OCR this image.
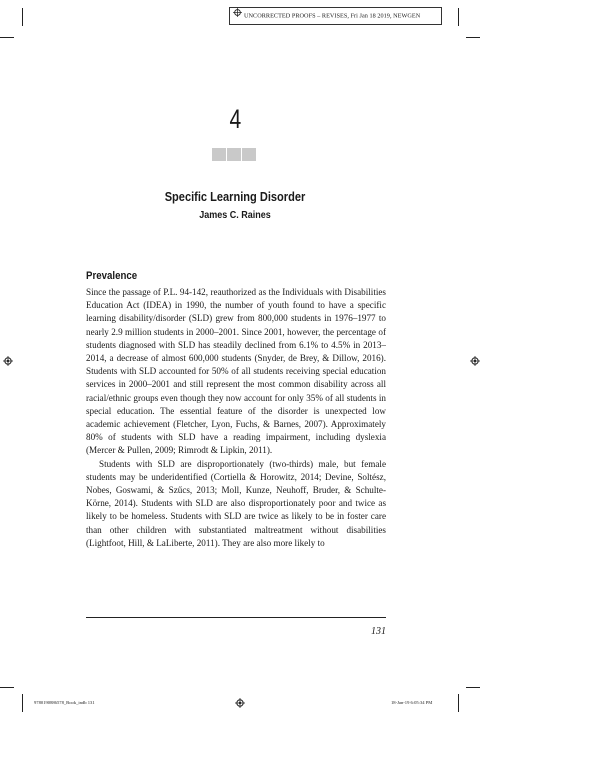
UNCORRECTED PROOFS – REVISES, Fri Jan 18 2019, NEWGEN
4
Specific Learning Disorder
James C. Raines
Prevalence

Since the passage of P.L. 94-142, reauthorized as the Individuals with Disabilities Education Act (IDEA) in 1990, the number of youth found to have a specific learning disability/disorder (SLD) grew from 800,000 students in 1976–1977 to nearly 2.9 million students in 2000–2001. Since 2001, however, the percentage of students diagnosed with SLD has steadily declined from 6.1% to 4.5% in 2013–2014, a decrease of almost 600,000 students (Snyder, de Brey, & Dillow, 2016). Students with SLD accounted for 50% of all students receiving special education services in 2000–2001 and still represent the most common disability across all racial/ethnic groups even though they now account for only 35% of all students in special education. The essential feature of the disorder is unexpected low academic achievement (Fletcher, Lyon, Fuchs, & Barnes, 2007). Approximately 80% of students with SLD have a reading impairment, including dyslexia (Mercer & Pullen, 2009; Rimrodt & Lipkin, 2011).

Students with SLD are disproportionately (two-thirds) male, but female students may be underidentified (Cortiella & Horowitz, 2014; Devine, Soltész, Nobes, Goswami, & Szűcs, 2013; Moll, Kunze, Neuhoff, Bruder, & Schulte-Körne, 2014). Students with SLD are also disproportionately poor and twice as likely to be homeless. Students with SLD are twice as likely to be in foster care than other children with substantiated maltreatment without disabilities (Lightfoot, Hill, & LaLiberte, 2011). They are also more likely to

131
9780190886578_Book_indb 131	18-Jan-19 6:05:34 PM
